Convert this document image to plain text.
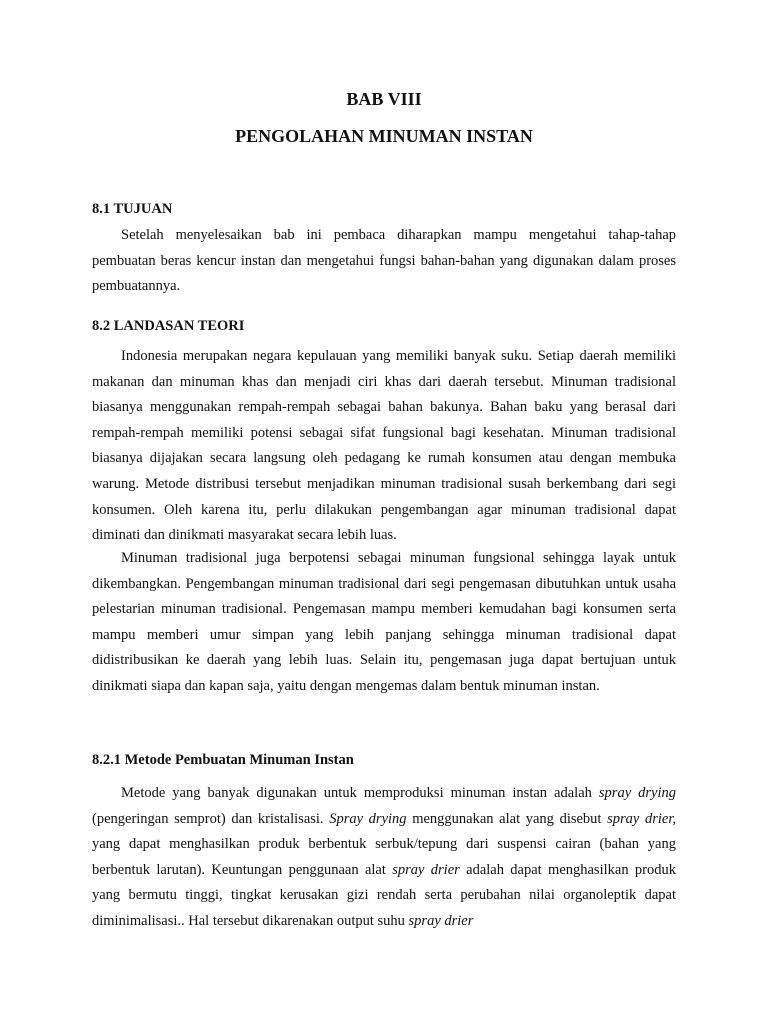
BAB VIII
PENGOLAHAN MINUMAN INSTAN
8.1 TUJUAN

Setelah menyelesaikan bab ini pembaca diharapkan mampu mengetahui tahap-tahap pembuatan beras kencur instan dan mengetahui fungsi bahan-bahan yang digunakan dalam proses pembuatannya.

8.2 LANDASAN TEORI

Indonesia merupakan negara kepulauan yang memiliki banyak suku. Setiap daerah memiliki makanan dan minuman khas dan menjadi ciri khas dari daerah tersebut. Minuman tradisional biasanya menggunakan rempah-rempah sebagai bahan bakunya. Bahan baku yang berasal dari rempah-rempah memiliki potensi sebagai sifat fungsional bagi kesehatan. Minuman tradisional biasanya dijajakan secara langsung oleh pedagang ke rumah konsumen atau dengan membuka warung. Metode distribusi tersebut menjadikan minuman tradisional susah berkembang dari segi konsumen. Oleh karena itu, perlu dilakukan pengembangan agar minuman tradisional dapat diminati dan dinikmati masyarakat secara lebih luas.

Minuman tradisional juga berpotensi sebagai minuman fungsional sehingga layak untuk dikembangkan. Pengembangan minuman tradisional dari segi pengemasan dibutuhkan untuk usaha pelestarian minuman tradisional. Pengemasan mampu memberi kemudahan bagi konsumen serta mampu memberi umur simpan yang lebih panjang sehingga minuman tradisional dapat didistribusikan ke daerah yang lebih luas. Selain itu, pengemasan juga dapat bertujuan untuk dinikmati siapa dan kapan saja, yaitu dengan mengemas dalam bentuk minuman instan.

8.2.1 Metode Pembuatan Minuman Instan

Metode yang banyak digunakan untuk memproduksi minuman instan adalah spray drying (pengeringan semprot) dan kristalisasi. Spray drying menggunakan alat yang disebut spray drier, yang dapat menghasilkan produk berbentuk serbuk/tepung dari suspensi cairan (bahan yang berbentuk larutan). Keuntungan penggunaan alat spray drier adalah dapat menghasilkan produk yang bermutu tinggi, tingkat kerusakan gizi rendah serta perubahan nilai organoleptik dapat diminimalisasi.. Hal tersebut dikarenakan output suhu spray drier
